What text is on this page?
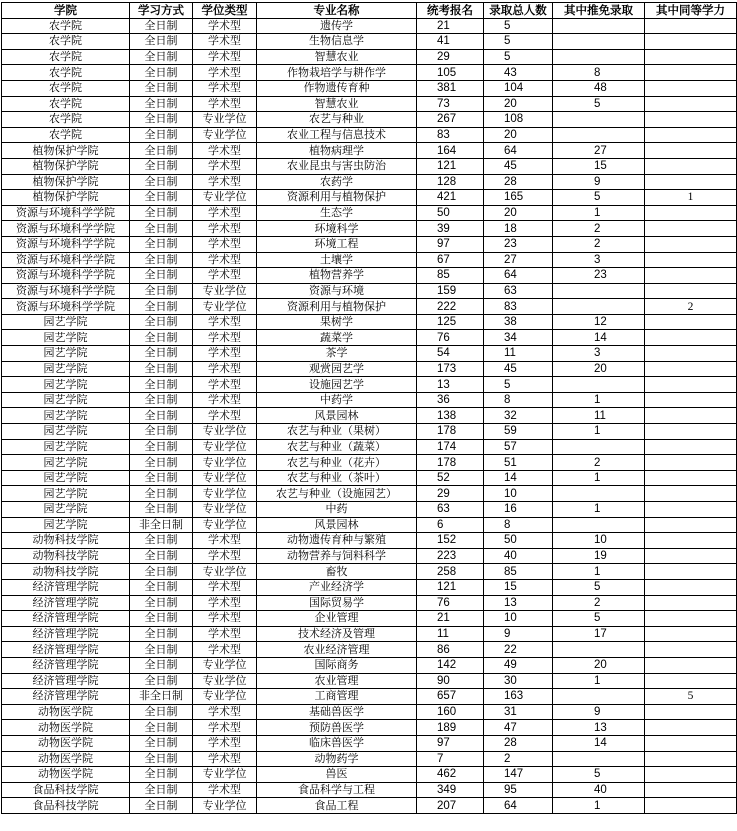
学院	学习方式	学位类型	专业名称	统考报名	录取总人数	其中推免录取	其中同等学力
农学院	全日制	学术型	遗传学	21	5		
农学院	全日制	学术型	生物信息学	41	5		
农学院	全日制	学术型	智慧农业	29	5		
农学院	全日制	学术型	作物栽培学与耕作学	105	43	8	
农学院	全日制	学术型	作物遗传育种	381	104	48	
农学院	全日制	学术型	智慧农业	73	20	5	
农学院	全日制	专业学位	农艺与种业	267	108		
农学院	全日制	专业学位	农业工程与信息技术	83	20		
植物保护学院	全日制	学术型	植物病理学	164	64	27	
植物保护学院	全日制	学术型	农业昆虫与害虫防治	121	45	15	
植物保护学院	全日制	学术型	农药学	128	28	9	
植物保护学院	全日制	专业学位	资源利用与植物保护	421	165	5	1
资源与环境科学学院	全日制	学术型	生态学	50	20	1	
资源与环境科学学院	全日制	学术型	环境科学	39	18	2	
资源与环境科学学院	全日制	学术型	环境工程	97	23	2	
资源与环境科学学院	全日制	学术型	土壤学	67	27	3	
资源与环境科学学院	全日制	学术型	植物营养学	85	64	23	
资源与环境科学学院	全日制	专业学位	资源与环境	159	63		
资源与环境科学学院	全日制	专业学位	资源利用与植物保护	222	83		2
园艺学院	全日制	学术型	果树学	125	38	12	
园艺学院	全日制	学术型	蔬菜学	76	34	14	
园艺学院	全日制	学术型	茶学	54	11	3	
园艺学院	全日制	学术型	观赏园艺学	173	45	20	
园艺学院	全日制	学术型	设施园艺学	13	5		
园艺学院	全日制	学术型	中药学	36	8	1	
园艺学院	全日制	学术型	风景园林	138	32	11	
园艺学院	全日制	专业学位	农艺与种业（果树）	178	59	1	
园艺学院	全日制	专业学位	农艺与种业（蔬菜）	174	57		
园艺学院	全日制	专业学位	农艺与种业（花卉）	178	51	2	
园艺学院	全日制	专业学位	农艺与种业（茶叶）	52	14	1	
园艺学院	全日制	专业学位	农艺与种业（设施园艺）	29	10		
园艺学院	全日制	专业学位	中药	63	16	1	
园艺学院	非全日制	专业学位	风景园林	6	8		
动物科技学院	全日制	学术型	动物遗传育种与繁殖	152	50	10	
动物科技学院	全日制	学术型	动物营养与饲料科学	223	40	19	
动物科技学院	全日制	专业学位	畜牧	258	85	1	
经济管理学院	全日制	学术型	产业经济学	121	15	5	
经济管理学院	全日制	学术型	国际贸易学	76	13	2	
经济管理学院	全日制	学术型	企业管理	21	10	5	
经济管理学院	全日制	学术型	技术经济及管理	11	9	17	
经济管理学院	全日制	学术型	农业经济管理	86	22		
经济管理学院	全日制	专业学位	国际商务	142	49	20	
经济管理学院	全日制	专业学位	农业管理	90	30	1	
经济管理学院	非全日制	专业学位	工商管理	657	163		5
动物医学院	全日制	学术型	基础兽医学	160	31	9	
动物医学院	全日制	学术型	预防兽医学	189	47	13	
动物医学院	全日制	学术型	临床兽医学	97	28	14	
动物医学院	全日制	学术型	动物药学	7	2		
动物医学院	全日制	专业学位	兽医	462	147	5	
食品科技学院	全日制	学术型	食品科学与工程	349	95	40	
食品科技学院	全日制	专业学位	食品工程	207	64	1	
